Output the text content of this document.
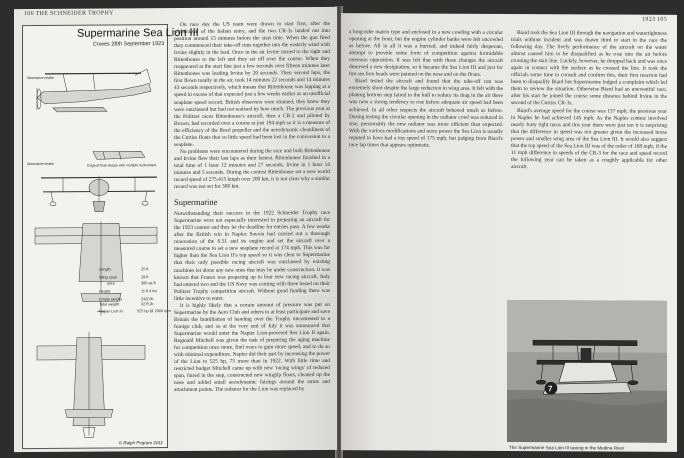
106 THE SCHNEIDER TROPHY
Supermarine Sea Lion III
Cowes 28th September 1923
Alternative intake
Alternative intake	Original float design with multiple hydrosteps
Length	25 ft
Wing span	28 ft
area	360 sq ft
Height	11 ft 4 ins
Empty weight	2420 lb
Total weight	3275 lb
Napier Lion III	525 hp @ 2000 rpm
© Ralph Pegram 2011

On race day the US team were drawn to start first, after the withdrawal of the Italian entry, and the two CR-3s landed out into position around 15 minutes before the start time. When the gun fired they commenced their take-off runs together into the easterly wind with Irvine slightly in the lead. Once in the air Irvine turned to the right and Rittenhouse to the left and they set off over the course. When they reappeared at the start line just a few seconds over fifteen minutes later Rittenhouse was leading Irvine by 20 seconds. Their second laps, the first flown totally in the air, took 14 minutes 22 seconds and 14 minutes 43 seconds respectively, which means that Rittenhouse was lapping at a speed in excess of that expected just a few weeks earlier as an unofficial seaplane speed record. British observers were stunned, they knew they were outclassed but had not realised by how much. The previous year at the Pulitzer races Rittenhouse's aircraft, then a CR-2 and piloted by Brown, had recorded over a course at just 194 mph so it is a measure of the efficiency of the Reed propeller and the aerodynamic cleanliness of the Curtiss floats that so little speed had been lost in the conversion to a seaplane.

No problems were encountered during the race and both Rittenhouse and Irvine flew their last laps as their fastest. Rittenhouse finished in a total time of 1 hour 12 minutes and 27 seconds, Irvine in 1 hour 14 minutes and 5 seconds. During the contest Rittenhouse set a new world record speed of 275.415 kmph over 200 km, it is not clear why a similar record was not set for 300 km.

Supermarine

Notwithstanding their success in the 1922 Schneider Trophy race Supermarine were not especially interested in preparing an aircraft for the 1923 contest and they let the deadline for entries pass. A few weeks after the British win in Naples Savoia had carried out a thorough renovation of the S.51 and its engine and set the aircraft over a measured course to set a new seaplane record at 174 mph. This was far higher than the Sea Lion II's top speed so it was clear to Supermarine that their only possible racing aircraft was outclassed by existing machines let alone any new ones that may be under construction. It was known that France was preparing up to four new racing aircraft, Italy had entered two and the US Navy was coming with three based on their Pulitzer Trophy competition aircraft. Without good funding there was little incentive to enter.

It is highly likely that a certain amount of pressure was put on Supermarine by the Aero Club and others to at least participate and save Britain the humiliation of handing over the Trophy uncontested to a foreign club, and so at the very end of July it was announced that Supermarine would enter the Napier Lion-powered Sea Lion II again. Reginald Mitchell was given the task of preparing the aging machine for competition once more, find ways to gain more speed, and to do so with minimal expenditure. Napier did their part by increasing the power of the Lion to 525 hp, 75 more than in 1922. With little time and restricted budget Mitchell came up with new 'racing wings' of reduced span, faired in the step, constructed new wingtip floats, cleaned up the nose and added small aerodynamic fairings around the struts and attachment points. The radiator for the Lion was replaced by

1923 105

a long-tube matrix type and enclosed in a new cowling with a circular opening at the front, but the engine cylinder banks were left uncowled as before. All in all it was a hurried, and indeed fairly desperate, attempt to provide some form of competition against formidable overseas opposition. It was felt that with these changes the aircraft deserved a new designation, so it became the Sea Lion III and just for fun sea lion heads were painted on the nose and on the floats.

Biard tested the aircraft and found that the take-off run was extremely short despite the large reduction in wing area. It felt with the planing bottom step faired to the hull to reduce its drag in the air there was now a strong tendency to rise before adequate air speed had been achieved. In all other respects the aircraft behaved much as before. During testing the circular opening in the radiator cowl was reduced in size, presumably the new radiator was more efficient than expected. With the various modifications and more power the Sea Lion is usually reputed to have had a top speed of 175 mph, but judging from Biard's race lap times that appears optimistic.

Biard took the Sea Lion III through the navigation and watertightness trials without incident and was drawn third to start in the race the following day. The lively performance of the aircraft on the water almost caused him to be disqualified as he rose into the air before crossing the start line. Luckily, however, he dropped back and was once again in contact with the surface as he crossed the line. It took the officials some time to consult and confirm this, their first reaction had been to disqualify Biard but Supermarine lodged a complaint which led them to review the situation. Otherwise Biard had an uneventful race, after his start he joined the course some distance behind Irvine in the second of the Curtiss CR-3s.

Biard's average speed for the course was 157 mph; the previous year in Naples he had achieved 145 mph. As the Naples contest involved nearly forty tight turns and this year there were just ten it is surprising that the difference in speed was not greater given the increased horse power and smaller wing area of the Sea Lion III. It would also suggest that the top speed of the Sea Lion III was of the order of 168 mph, if the 11 mph difference in speeds of the CR-3 for the race and speed record the following year can be taken as a roughly applicable for other aircraft.

7
The Supermarine Sea Lion III taxiing in the Medina River
